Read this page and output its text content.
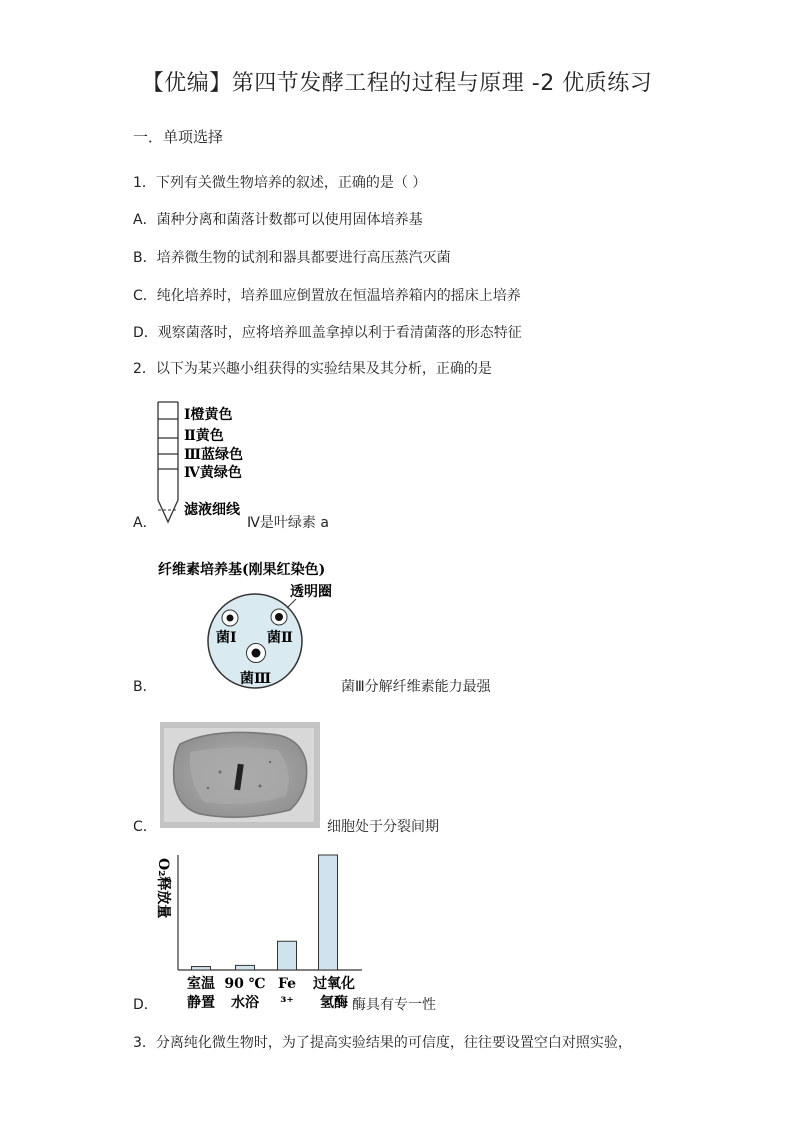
【优编】第四节发酵工程的过程与原理 -2 优质练习
一．单项选择
1．下列有关微生物培养的叙述，正确的是（ ）
A．菌种分离和菌落计数都可以使用固体培养基
B．培养微生物的试剂和器具都要进行高压蒸汽灭菌
C．纯化培养时，培养皿应倒置放在恒温培养箱内的摇床上培养
D．观察菌落时，应将培养皿盖拿掉以利于看清菌落的形态特征
2．以下为某兴趣小组获得的实验结果及其分析，正确的是
Ⅰ橙黄色
Ⅱ黄色
Ⅲ蓝绿色
Ⅳ黄绿色
滤液细线
A．	Ⅳ是叶绿素 a
纤维素培养基(刚果红染色)
透明圈
菌Ⅰ 菌Ⅱ
菌Ⅲ
B．	菌Ⅲ分解纤维素能力最强
C．	细胞处于分裂间期
O₂释放量
室温静置
90 ℃水浴
Fe ³⁺
过氧化氢酶
D．	酶具有专一性
3．分离纯化微生物时，为了提高实验结果的可信度，往往要设置空白对照实验，
